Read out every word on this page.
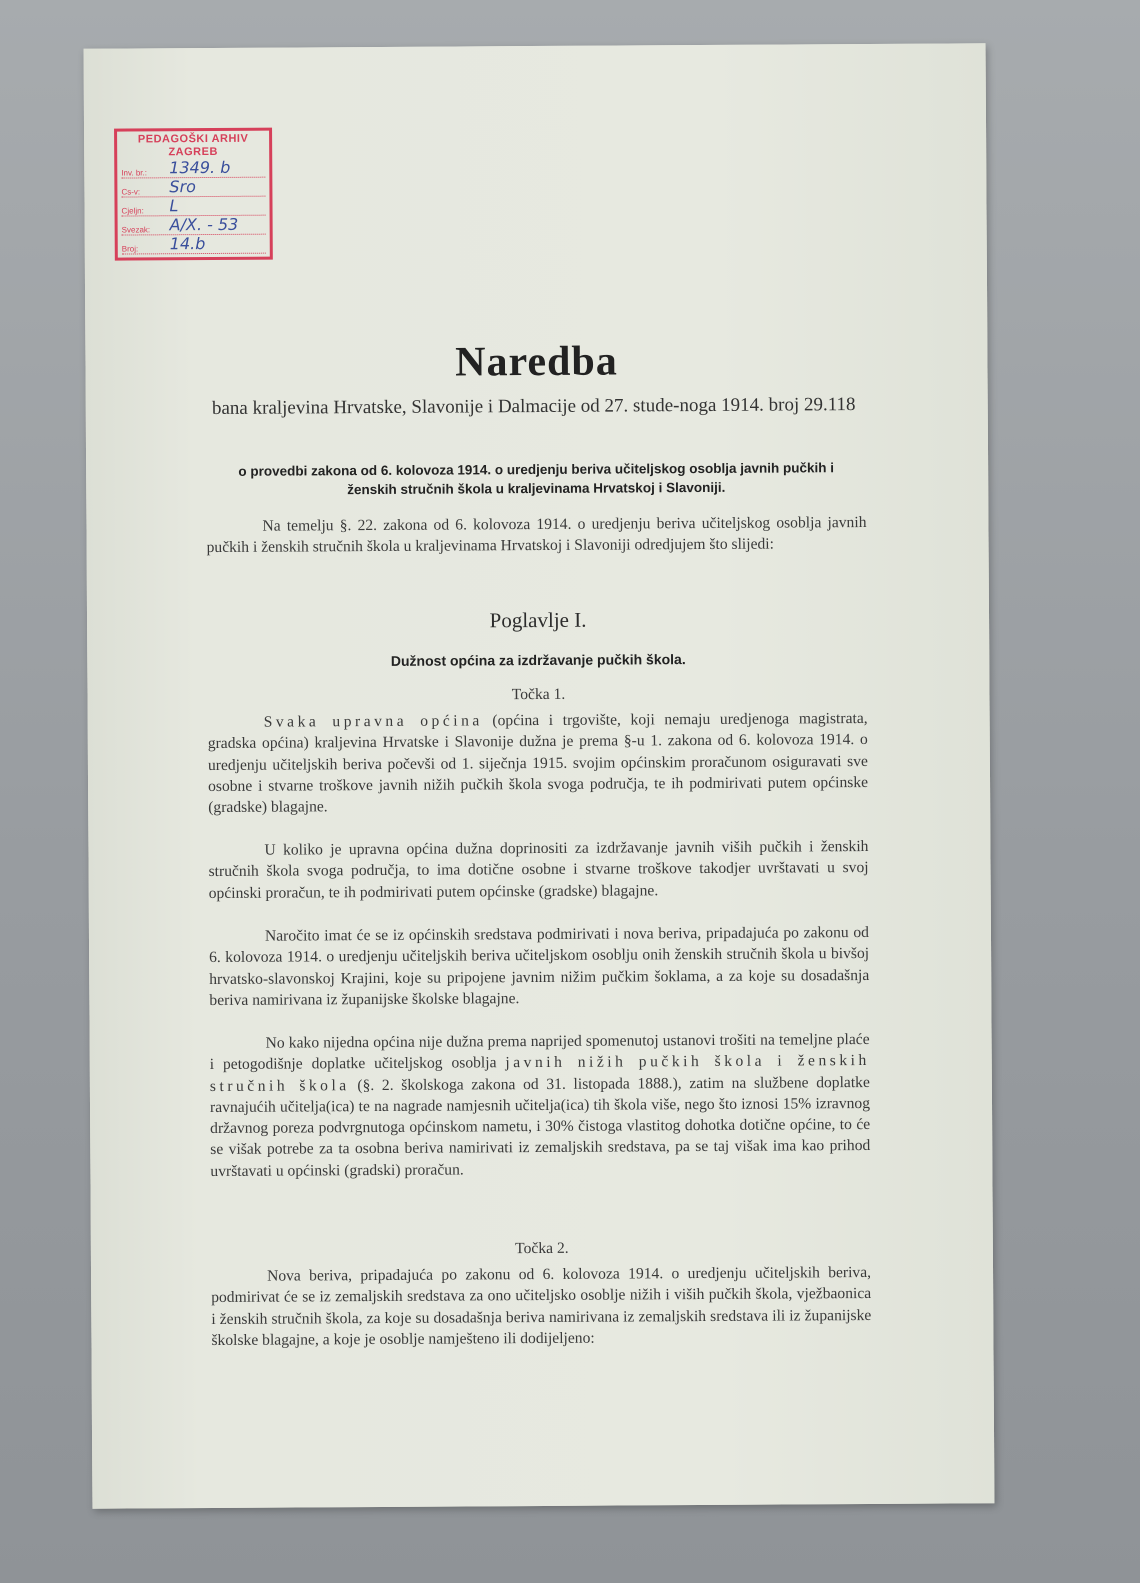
PEDAGOŠKI ARHIV
ZAGREB
Inv. br.:	1349. b
Cs-v:	Sro
Cjeljn:	L
Svezak:	A/X. - 53
Broj:	14.b
Naredba
bana kraljevina Hrvatske, Slavonije i Dalmacije od 27. stude-noga 1914. broj 29.118
o provedbi zakona od 6. kolovoza 1914. o uredjenju beriva učiteljskog osoblja javnih pučkih i ženskih stručnih škola u kraljevinama Hrvatskoj i Slavoniji.

Na temelju §. 22. zakona od 6. kolovoza 1914. o uredjenju beriva učiteljskog osoblja javnih pučkih i ženskih stručnih škola u kraljevinama Hrvatskoj i Slavoniji odredjujem što slijedi:

Poglavlje I.
Dužnost općina za izdržavanje pučkih škola.
Točka 1.

Svaka upravna općina (općina i trgovište, koji nemaju uredjenoga magistrata, gradska općina) kraljevina Hrvatske i Slavonije dužna je prema §-u 1. zakona od 6. kolovoza 1914. o uredjenju učiteljskih beriva počevši od 1. siječnja 1915. svojim općinskim proračunom osiguravati sve osobne i stvarne troškove javnih nižih pučkih škola svoga područja, te ih podmirivati putem općinske (gradske) blagajne.

U koliko je upravna općina dužna doprinositi za izdržavanje javnih viših pučkih i ženskih stručnih škola svoga područja, to ima dotične osobne i stvarne troškove takodjer uvrštavati u svoj općinski proračun, te ih podmirivati putem općinske (gradske) blagajne.

Naročito imat će se iz općinskih sredstava podmirivati i nova beriva, pripadajuća po zakonu od 6. kolovoza 1914. o uredjenju učiteljskih beriva učiteljskom osoblju onih ženskih stručnih škola u bivšoj hrvatsko-slavonskoj Krajini, koje su pripojene javnim nižim pučkim šoklama, a za koje su dosadašnja beriva namirivana iz županijske školske blagajne.

No kako nijedna općina nije dužna prema naprijed spomenutoj ustanovi trošiti na temeljne plaće i petogodišnje doplatke učiteljskog osoblja javnih nižih pučkih škola i ženskih stručnih škola (§. 2. školskoga zakona od 31. listopada 1888.), zatim na službene doplatke ravnajućih učitelja(ica) te na nagrade namjesnih učitelja(ica) tih škola više, nego što iznosi 15% izravnog državnog poreza podvrgnutoga općinskom nametu, i 30% čistoga vlastitog dohotka dotične općine, to će se višak potrebe za ta osobna beriva namirivati iz zemaljskih sredstava, pa se taj višak ima kao prihod uvrštavati u općinski (gradski) proračun.

Točka 2.

Nova beriva, pripadajuća po zakonu od 6. kolovoza 1914. o uredjenju učiteljskih beriva, podmirivat će se iz zemaljskih sredstava za ono učiteljsko osoblje nižih i viših pučkih škola, vježbaonica i ženskih stručnih škola, za koje su dosadašnja beriva namirivana iz zemaljskih sredstava ili iz županijske školske blagajne, a koje je osoblje namješteno ili dodijeljeno:
